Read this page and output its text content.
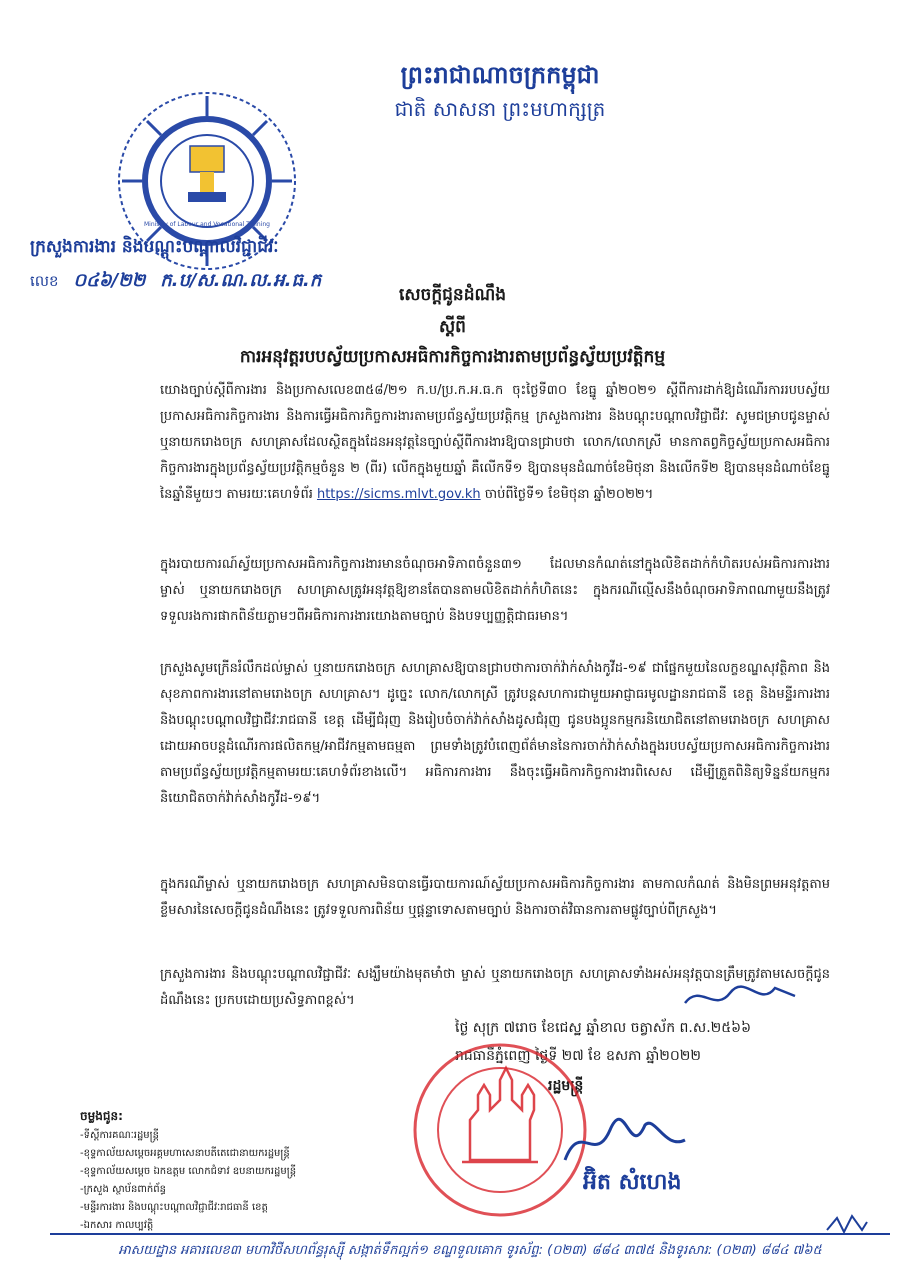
ព្រះរាជាណាចក្រកម្ពុជា
ជាតិ សាសនា ព្រះមហាក្សត្រ
Ministry of Labour and Vocational Training
ក្រសួងការងារ និងបណ្តុះបណ្តាលវិជ្ជាជីវៈ
លេខ ០៤៦/២២ ក.ប/ស.ណ.ល.អ.ធ.ក
សេចក្តីជូនដំណឹង
ស្តីពី
ការអនុវត្តរបបស្វ័យប្រកាសអធិការកិច្ចការងារតាមប្រព័ន្ធស្វ័យប្រវត្តិកម្ម
យោងច្បាប់ស្តីពីការងារ និងប្រកាសលេខ៣៥៨/២១ ក.ប/ប្រ.ក.អ.ធ.ក ចុះថ្ងៃទី៣០ ខែធ្នូ ឆ្នាំ២០២១ ស្តីពីការដាក់ឱ្យដំណើរការរបបស្វ័យប្រកាសអធិការកិច្ចការងារ និងការធ្វើអធិការកិច្ចការងារតាមប្រព័ន្ធស្វ័យប្រវត្តិកម្ម ក្រសួងការងារ និងបណ្តុះបណ្តាលវិជ្ជាជីវៈ សូមជម្រាបជូនម្ចាស់ ឬនាយករោងចក្រ សហគ្រាសដែលស្ថិតក្នុងដែនអនុវត្តនៃច្បាប់ស្តីពីការងារឱ្យបានជ្រាបថា លោក/លោកស្រី មានកាតព្វកិច្ចស្វ័យប្រកាសអធិការកិច្ចការងារក្នុងប្រព័ន្ធស្វ័យប្រវត្តិកម្មចំនួន ២ (ពីរ) លើកក្នុងមួយឆ្នាំ គឺលើកទី១ ឱ្យបានមុនដំណាច់ខែមិថុនា និងលើកទី២ ឱ្យបានមុនដំណាច់ខែធ្នូ នៃឆ្នាំនីមួយៗ តាមរយៈគេហទំព័រ https://sicms.mlvt.gov.kh ចាប់ពីថ្ងៃទី១ ខែមិថុនា ឆ្នាំ២០២២។
ក្នុងរបាយការណ៍ស្វ័យប្រកាសអធិការកិច្ចការងារមានចំណុចអាទិភាពចំនួន៣១ ដែលមានកំណត់នៅក្នុងលិខិតដាក់កំហិតរបស់អធិការការងារ ម្ចាស់ ឬនាយករោងចក្រ សហគ្រាសត្រូវអនុវត្តឱ្យខានតែបានតាមលិខិតដាក់កំហិតនេះ ក្នុងករណីល្មើសនឹងចំណុចអាទិភាពណាមួយនឹងត្រូវទទួលរងការផាកពិន័យភ្លាមៗពីអធិការការងារយោងតាមច្បាប់ និងបទប្បញ្ញត្តិជាធរមាន។
ក្រសួងសូមក្រើនរំលឹកដល់ម្ចាស់ ឬនាយករោងចក្រ សហគ្រាសឱ្យបានជ្រាបថាការចាក់វ៉ាក់សាំងកូវីដ-១៩ ជាផ្នែកមួយនៃលក្ខខណ្ឌសុវត្ថិភាព និងសុខភាពការងារនៅតាមរោងចក្រ សហគ្រាស។ ដូច្នេះ លោក/លោកស្រី ត្រូវបន្តសហការជាមួយអាជ្ញាធរមូលដ្ឋានរាជធានី ខេត្ត និងមន្ទីរការងារនិងបណ្តុះបណ្តាលវិជ្ជាជីវៈរាជធានី ខេត្ត ដើម្បីជំរុញ និងរៀបចំចាក់វ៉ាក់សាំងដូសជំរុញ ជូនបងប្អូនកម្មករនិយោជិតនៅតាមរោងចក្រ សហគ្រាស ដោយអាចបន្តដំណើរការផលិតកម្ម/អាជីវកម្មតាមធម្មតា ព្រមទាំងត្រូវបំពេញព័ត៌មាននៃការចាក់វ៉ាក់សាំងក្នុងរបបស្វ័យប្រកាសអធិការកិច្ចការងារតាមប្រព័ន្ធស្វ័យប្រវត្តិកម្មតាមរយៈគេហទំព័រខាងលើ។ អធិការការងារ នឹងចុះធ្វើអធិការកិច្ចការងារពិសេស ដើម្បីត្រួតពិនិត្យទិន្នន័យកម្មករនិយោជិតចាក់វ៉ាក់សាំងកូវីដ-១៩។
ក្នុងករណីម្ចាស់ ឬនាយករោងចក្រ សហគ្រាសមិនបានធ្វើរបាយការណ៍ស្វ័យប្រកាសអធិការកិច្ចការងារ តាមកាលកំណត់ និងមិនព្រមអនុវត្តតាមខ្លឹមសារនៃសេចក្តីជូនដំណឹងនេះ ត្រូវទទួលការពិន័យ ឬផ្តន្ទាទោសតាមច្បាប់ និងការចាត់វិធានការតាមផ្លូវច្បាប់ពីក្រសួង។
ក្រសួងការងារ និងបណ្តុះបណ្តាលវិជ្ជាជីវៈ សង្ឃឹមយ៉ាងមុតមាំថា ម្ចាស់ ឬនាយករោងចក្រ សហគ្រាសទាំងអស់អនុវត្តបានត្រឹមត្រូវតាមសេចក្តីជូនដំណឹងនេះ ប្រកបដោយប្រសិទ្ធភាពខ្ពស់។
ថ្ងៃ សុក្រ ៧រោច ខែជេស្ឋ ឆ្នាំខាល ចត្វាស័ក ព.ស.២៥៦៦
រាជធានីភ្នំពេញ ថ្ងៃទី ២៧ ខែ ឧសភា ឆ្នាំ២០២២
រដ្ឋមន្ត្រី
អ៊ិត សំហេង
ចម្លងជូន:
-ទីស្តីការគណៈរដ្ឋមន្ត្រី
-ខុទ្ទកាល័យសម្តេចអគ្គមហាសេនាបតីតេជោនាយករដ្ឋមន្ត្រី
-ខុទ្ទកាល័យសម្តេច ឯកឧត្តម លោកជំទាវ ឧបនាយករដ្ឋមន្ត្រី
-ក្រសួង ស្ថាប័នពាក់ព័ន្ធ
-មន្ទីរការងារ និងបណ្តុះបណ្តាលវិជ្ជាជីវៈរាជធានី ខេត្ត
-ឯកសារ កាលប្បវត្តិ
អាសយដ្ឋាន អគារលេខ៣ មហាវិថីសហព័ន្ធរុស្ស៊ី សង្កាត់ទឹកល្អក់១ ខណ្ឌទួលគោក ទូរស័ព្ទ: (០២៣) ៨៨៤ ៣៧៥ និងទូរសារ: (០២៣) ៨៨៤ ៧៦៥
